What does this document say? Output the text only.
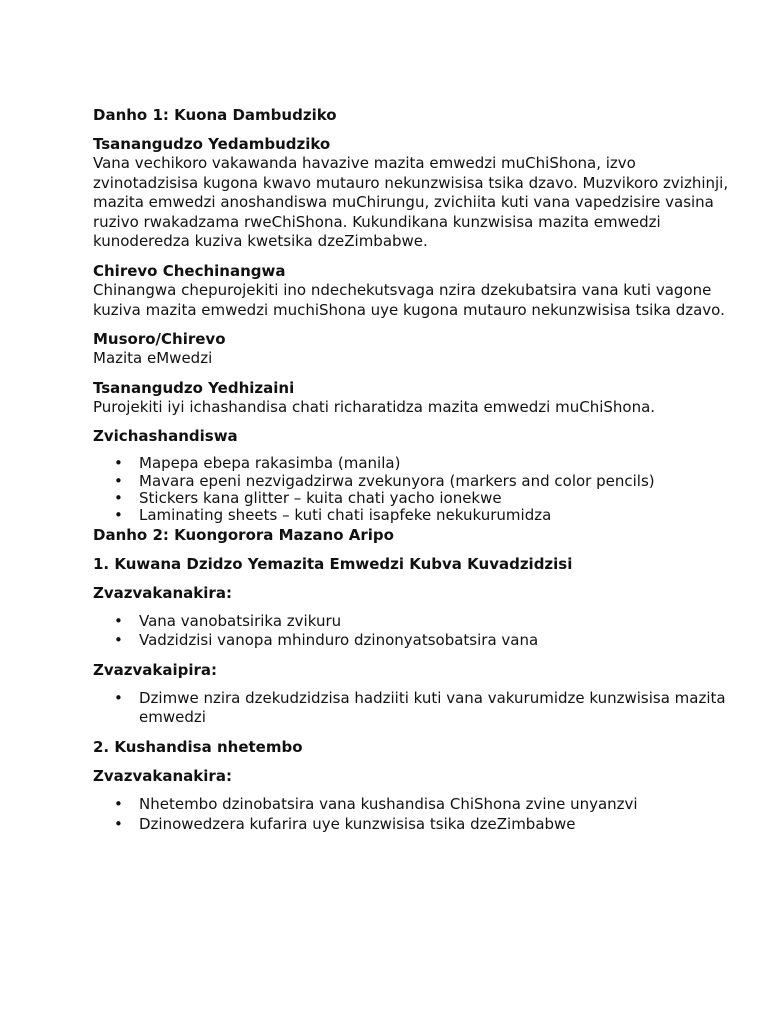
Danho 1: Kuona Dambudziko

Tsanangudzo Yedambudziko

Vana vechikoro vakawanda havazive mazita emwedzi muChiShona, izvo zvinotadzisisa kugona kwavo mutauro nekunzwisisa tsika dzavo. Muzvikoro zvizhinji, mazita emwedzi anoshandiswa muChirungu, zvichiita kuti vana vapedzisire vasina ruzivo rwakadzama rweChiShona. Kukundikana kunzwisisa mazita emwedzi kunoderedza kuziva kwetsika dzeZimbabwe.

Chirevo Chechinangwa

Chinangwa chepurojekiti ino ndechekutsvaga nzira dzekubatsira vana kuti vagone kuziva mazita emwedzi muchiShona uye kugona mutauro nekunzwisisa tsika dzavo.

Musoro/Chirevo

Mazita eMwedzi

Tsanangudzo Yedhizaini

Purojekiti iyi ichashandisa chati richaratidza mazita emwedzi muChiShona.

Zvichashandiswa

• Mapepa ebepa rakasimba (manila)
• Mavara epeni nezvigadzirwa zvekunyora (markers and color pencils)
• Stickers kana glitter – kuita chati yacho ionekwe
• Laminating sheets – kuti chati isapfeke nekukurumidza

Danho 2: Kuongorora Mazano Aripo

1. Kuwana Dzidzo Yemazita Emwedzi Kubva Kuvadzidzisi

Zvazvakanakira:

• Vana vanobatsirika zvikuru
• Vadzidzisi vanopa mhinduro dzinonyatsobatsira vana

Zvazvakaipira:

• Dzimwe nzira dzekudzidzisa hadziiti kuti vana vakurumidze kunzwisisa mazita emwedzi

2. Kushandisa nhetembo

Zvazvakanakira:

• Nhetembo dzinobatsira vana kushandisa ChiShona zvine unyanzvi
• Dzinowedzera kufarira uye kunzwisisa tsika dzeZimbabwe
